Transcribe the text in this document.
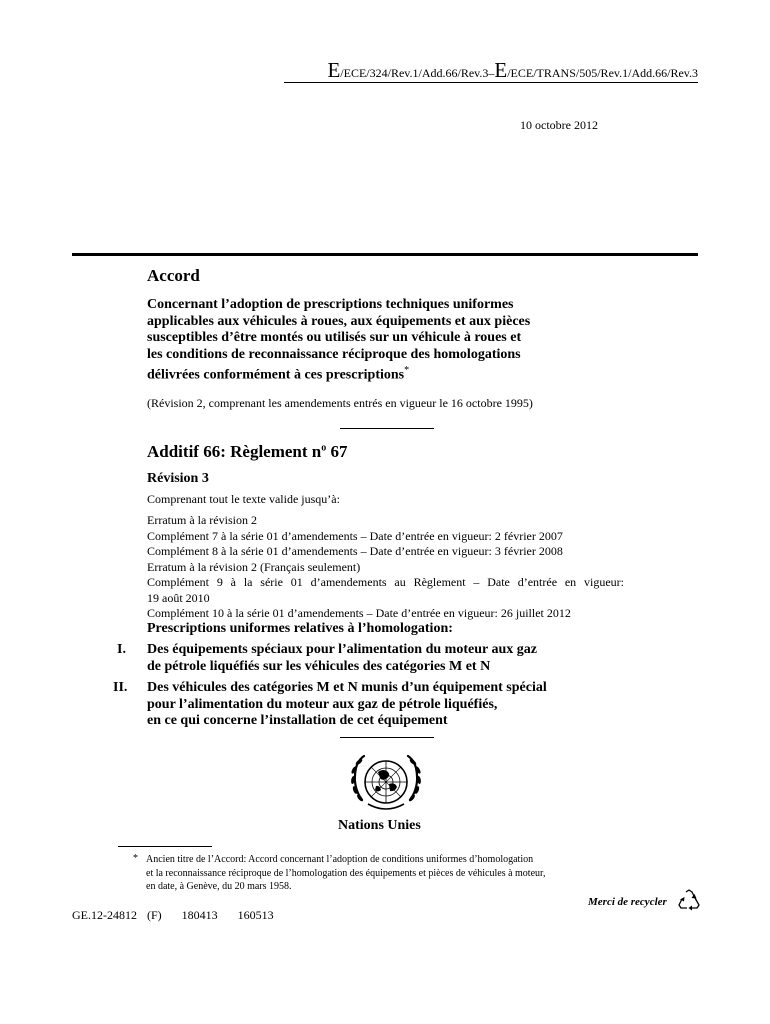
E/ECE/324/Rev.1/Add.66/Rev.3–E/ECE/TRANS/505/Rev.1/Add.66/Rev.3
10 octobre 2012
Accord
Concernant l’adoption de prescriptions techniques uniformes
applicables aux véhicules à roues, aux équipements et aux pièces
susceptibles d’être montés ou utilisés sur un véhicule à roues et
les conditions de reconnaissance réciproque des homologations
délivrées conformément à ces prescriptions*
(Révision 2, comprenant les amendements entrés en vigueur le 16 octobre 1995)
Additif 66: Règlement $n^o$ 67
Révision 3
Comprenant tout le texte valide jusqu’à:
Erratum à la révision 2
Complément 7 à la série 01 d’amendements – Date d’entrée en vigueur: 2 février 2007
Complément 8 à la série 01 d’amendements – Date d’entrée en vigueur: 3 février 2008
Erratum à la révision 2 (Français seulement)
Complément 9 à la série 01 d’amendements au Règlement – Date d’entrée en vigueur:
19 août 2010
Complément 10 à la série 01 d’amendements – Date d’entrée en vigueur: 26 juillet 2012
Prescriptions uniformes relatives à l’homologation:
I. Des équipements spéciaux pour l’alimentation du moteur aux gaz
de pétrole liquéfiés sur les véhicules des catégories M et N
II. Des véhicules des catégories M et N munis d’un équipement spécial
pour l’alimentation du moteur aux gaz de pétrole liquéfiés,
en ce qui concerne l’installation de cet équipement
Nations Unies
* Ancien titre de l’Accord: Accord concernant l’adoption de conditions uniformes d’homologation
et la reconnaissance réciproque de l’homologation des équipements et pièces de véhicules à moteur,
en date, à Genève, du 20 mars 1958.
GE.12-24812  (F)    180413    160513
Merci de recycler
